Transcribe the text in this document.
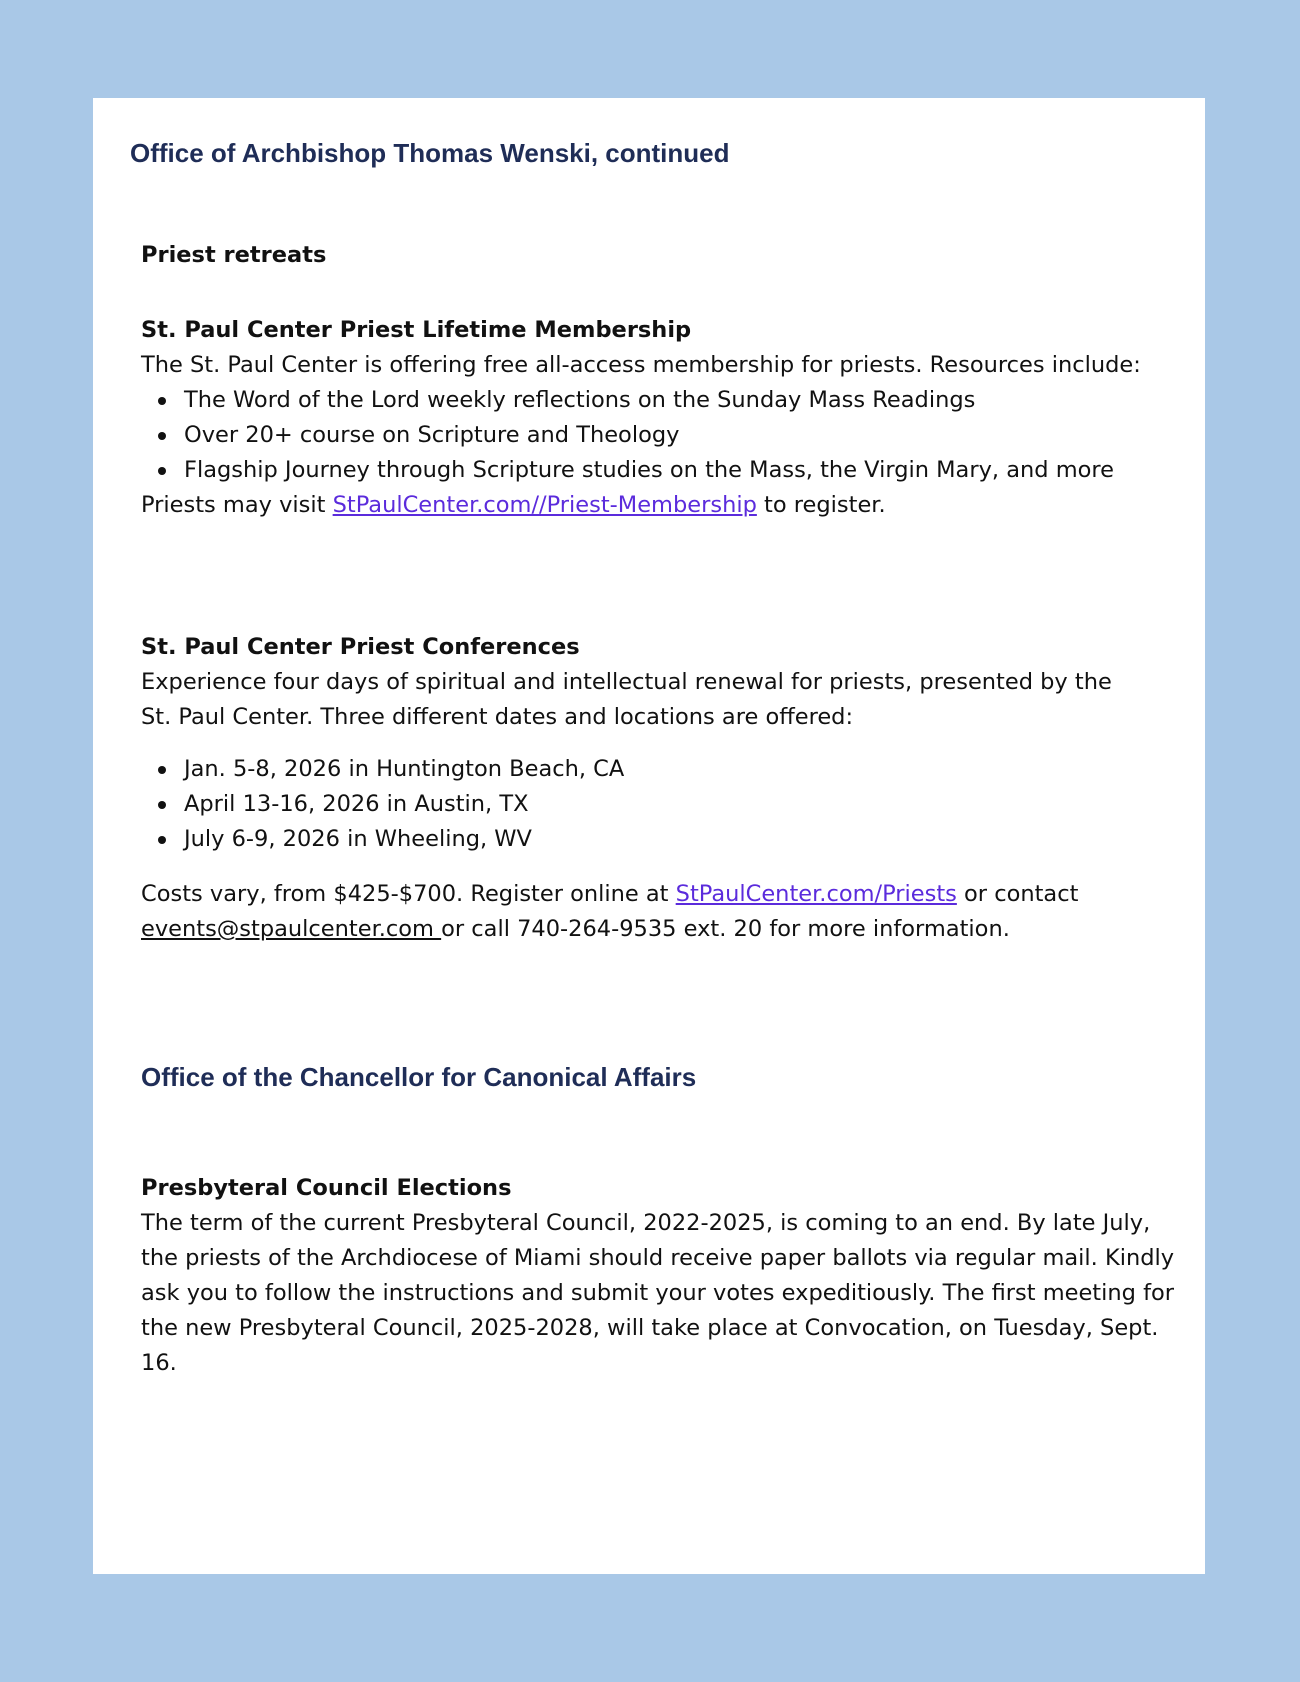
Office of Archbishop Thomas Wenski, continued

Priest retreats

St. Paul Center Priest Lifetime Membership

The St. Paul Center is offering free all-access membership for priests. Resources include:

The Word of the Lord weekly reflections on the Sunday Mass Readings
Over 20+ course on Scripture and Theology
Flagship Journey through Scripture studies on the Mass, the Virgin Mary, and more

Priests may visit StPaulCenter.com//Priest-Membership to register.

St. Paul Center Priest Conferences

Experience four days of spiritual and intellectual renewal for priests, presented by the St. Paul Center. Three different dates and locations are offered:

Jan. 5-8, 2026 in Huntington Beach, CA
April 13-16, 2026 in Austin, TX
July 6-9, 2026 in Wheeling, WV

Costs vary, from $425-$700. Register online at StPaulCenter.com/Priests or contact
events@stpaulcenter.com or call 740-264-9535 ext. 20 for more information.

Office of the Chancellor for Canonical Affairs

Presbyteral Council Elections

The term of the current Presbyteral Council, 2022-2025, is coming to an end. By late July, the priests of the Archdiocese of Miami should receive paper ballots via regular mail. Kindly ask you to follow the instructions and submit your votes expeditiously. The first meeting for the new Presbyteral Council, 2025-2028, will take place at Convocation, on Tuesday, Sept. 16.
